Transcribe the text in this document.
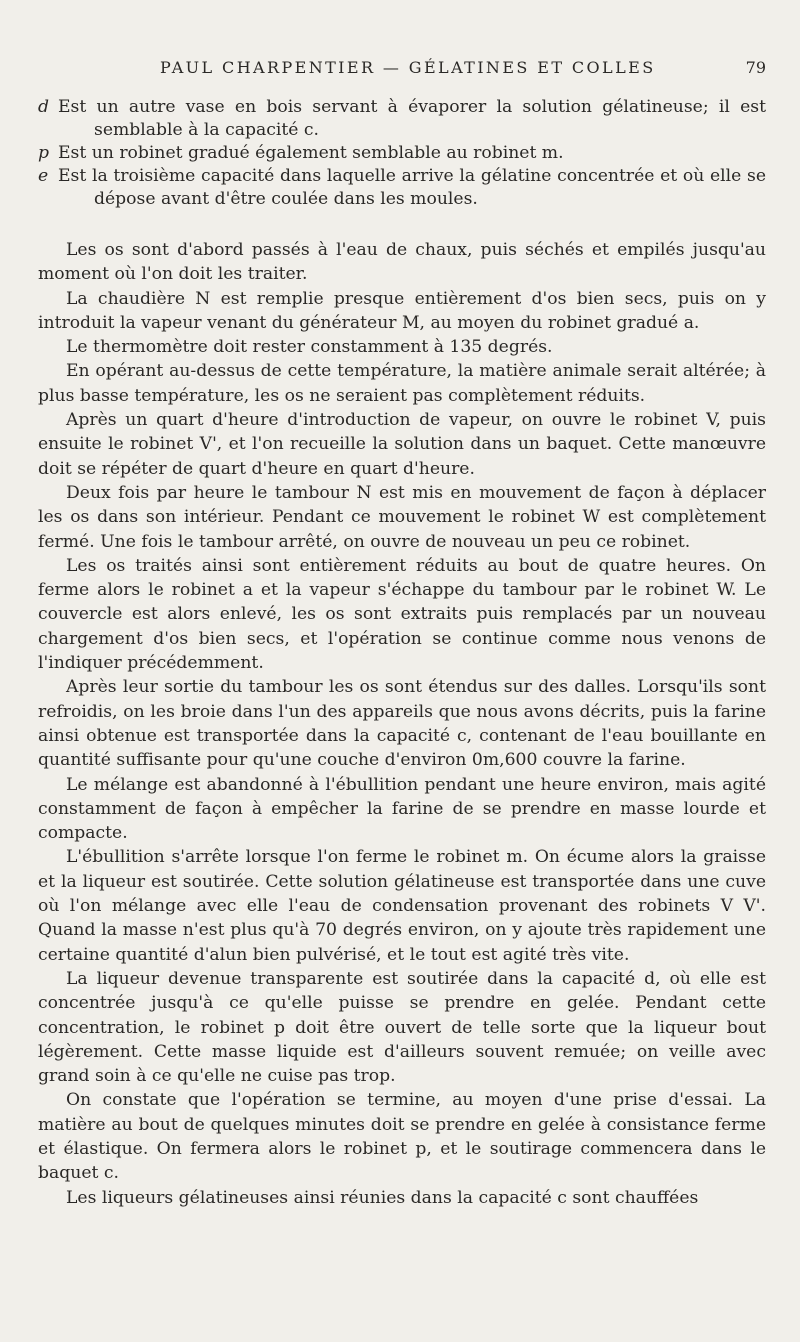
PAUL CHARPENTIER — GÉLATINES ET COLLES	79
d Est un autre vase en bois servant à évaporer la solution gélatineuse; il est semblable à la capacité c.
p Est un robinet gradué également semblable au robinet m.
e Est la troisième capacité dans laquelle arrive la gélatine concentrée et où elle se dépose avant d'être coulée dans les moules.

Les os sont d'abord passés à l'eau de chaux, puis séchés et empilés jusqu'au moment où l'on doit les traiter.

La chaudière N est remplie presque entièrement d'os bien secs, puis on y introduit la vapeur venant du générateur M, au moyen du robinet gradué a.

Le thermomètre doit rester constamment à 135 degrés.

En opérant au-dessus de cette température, la matière animale serait altérée; à plus basse température, les os ne seraient pas complètement réduits.

Après un quart d'heure d'introduction de vapeur, on ouvre le robinet V, puis ensuite le robinet V', et l'on recueille la solution dans un baquet. Cette manœuvre doit se répéter de quart d'heure en quart d'heure.

Deux fois par heure le tambour N est mis en mouvement de façon à déplacer les os dans son intérieur. Pendant ce mouvement le robinet W est complètement fermé. Une fois le tambour arrêté, on ouvre de nouveau un peu ce robinet.

Les os traités ainsi sont entièrement réduits au bout de quatre heures. On ferme alors le robinet a et la vapeur s'échappe du tambour par le robinet W. Le couvercle est alors enlevé, les os sont extraits puis remplacés par un nouveau chargement d'os bien secs, et l'opération se continue comme nous venons de l'indiquer précédemment.

Après leur sortie du tambour les os sont étendus sur des dalles. Lorsqu'ils sont refroidis, on les broie dans l'un des appareils que nous avons décrits, puis la farine ainsi obtenue est transportée dans la capacité c, contenant de l'eau bouillante en quantité suffisante pour qu'une couche d'environ 0m,600 couvre la farine.

Le mélange est abandonné à l'ébullition pendant une heure environ, mais agité constamment de façon à empêcher la farine de se prendre en masse lourde et compacte.

L'ébullition s'arrête lorsque l'on ferme le robinet m. On écume alors la graisse et la liqueur est soutirée. Cette solution gélatineuse est transportée dans une cuve où l'on mélange avec elle l'eau de condensation provenant des robinets V V'. Quand la masse n'est plus qu'à 70 degrés environ, on y ajoute très rapidement une certaine quantité d'alun bien pulvérisé, et le tout est agité très vite.

La liqueur devenue transparente est soutirée dans la capacité d, où elle est concentrée jusqu'à ce qu'elle puisse se prendre en gelée. Pendant cette concentration, le robinet p doit être ouvert de telle sorte que la liqueur bout légèrement. Cette masse liquide est d'ailleurs souvent remuée; on veille avec grand soin à ce qu'elle ne cuise pas trop.

On constate que l'opération se termine, au moyen d'une prise d'essai. La matière au bout de quelques minutes doit se prendre en gelée à consistance ferme et élastique. On fermera alors le robinet p, et le soutirage commencera dans le baquet c.

Les liqueurs gélatineuses ainsi réunies dans la capacité c sont chauffées
